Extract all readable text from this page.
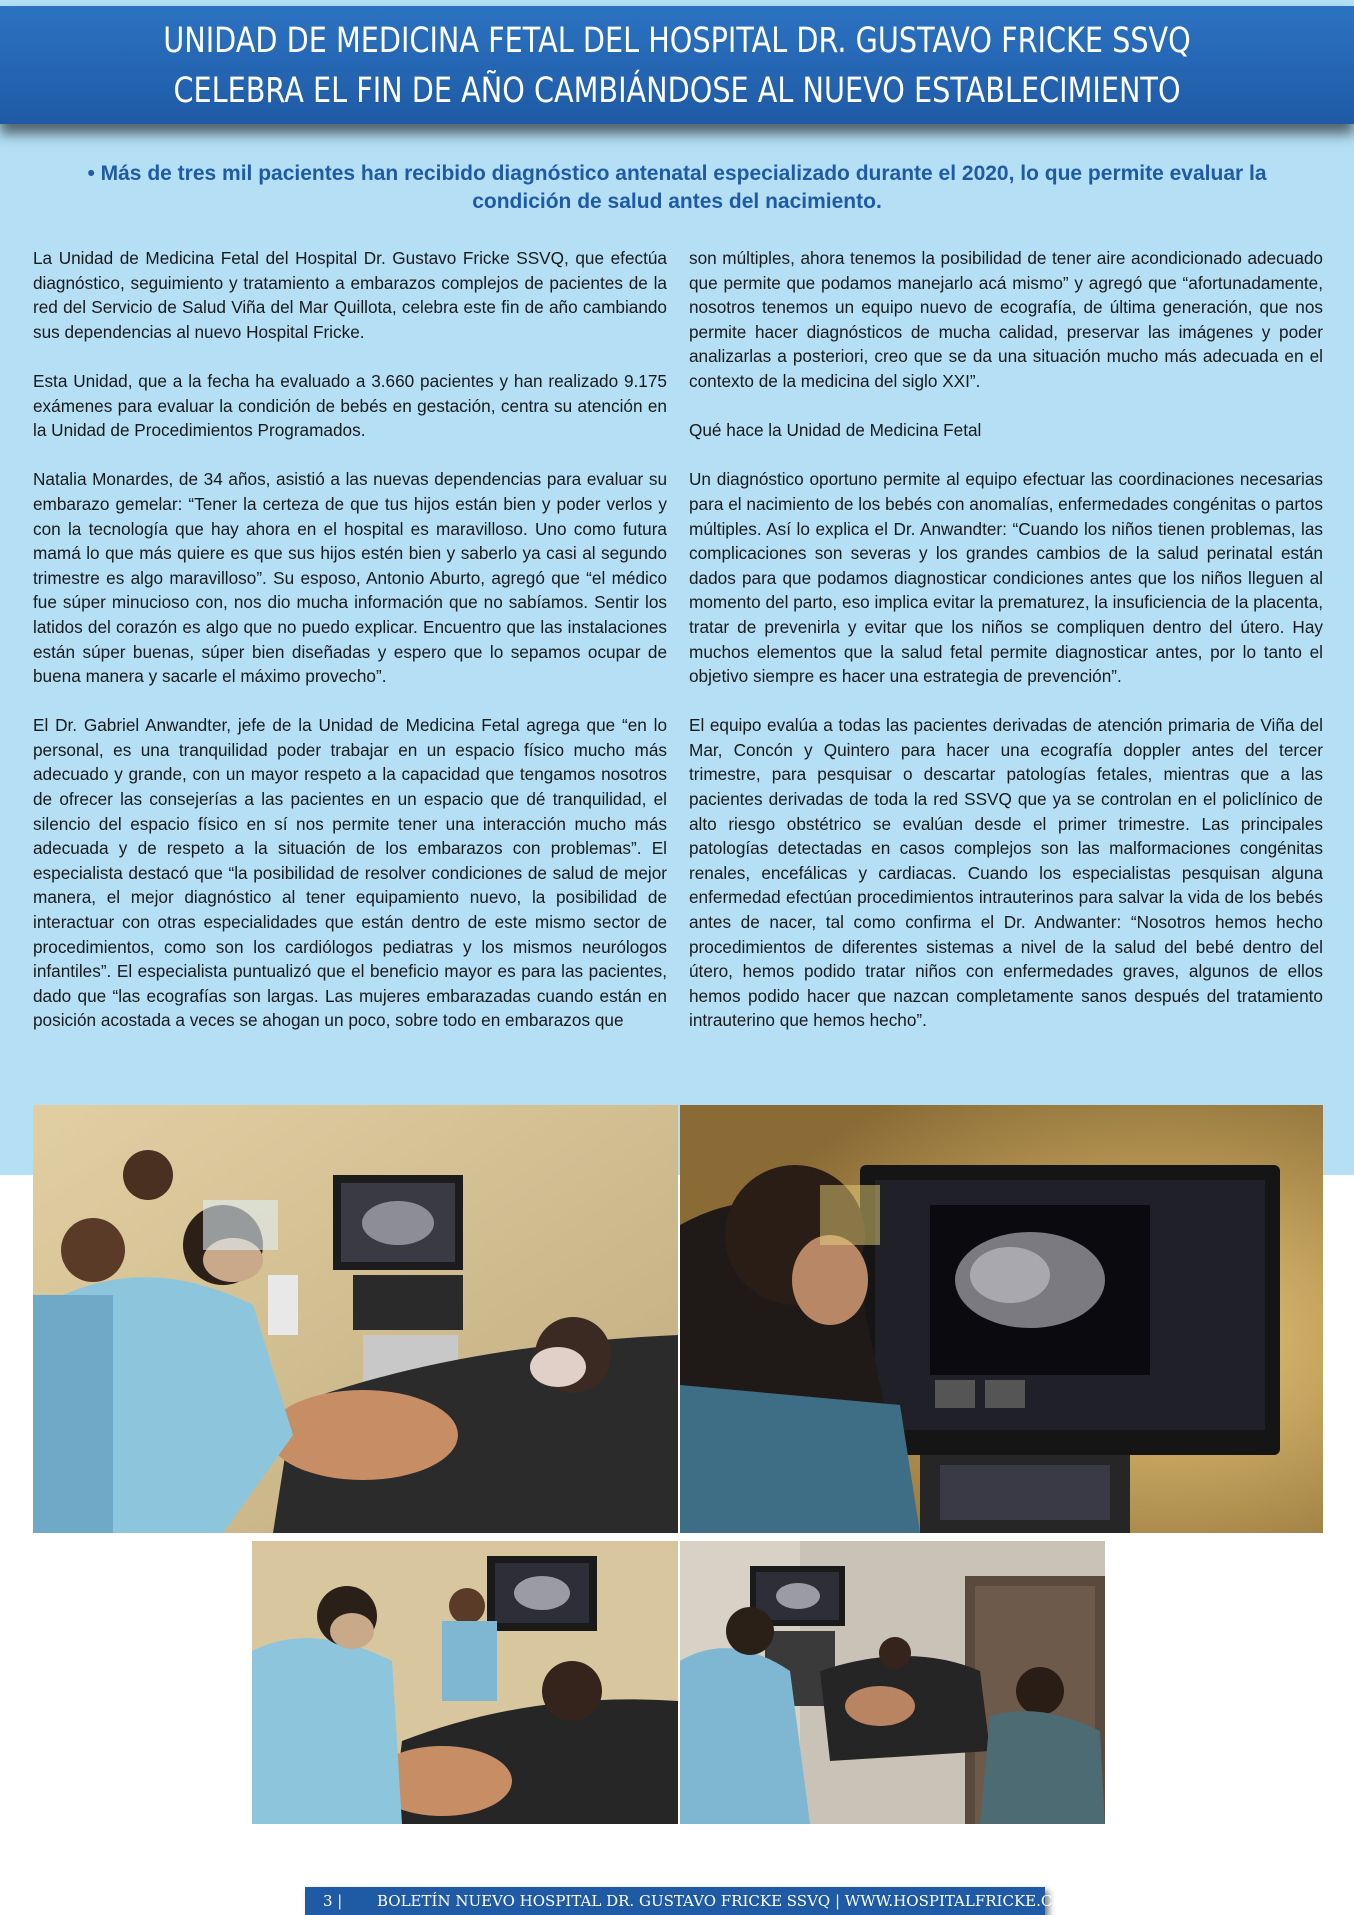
UNIDAD DE MEDICINA FETAL DEL HOSPITAL DR. GUSTAVO FRICKE SSVQ
CELEBRA EL FIN DE AÑO CAMBIÁNDOSE AL NUEVO ESTABLECIMIENTO
• Más de tres mil pacientes han recibido diagnóstico antenatal especializado durante el 2020, lo que permite evaluar la condición de salud antes del nacimiento.

La Unidad de Medicina Fetal del Hospital Dr. Gustavo Fricke SSVQ, que efectúa diagnóstico, seguimiento y tratamiento a embarazos complejos de pacientes de la red del Servicio de Salud Viña del Mar Quillota, celebra este fin de año cambiando sus dependencias al nuevo Hospital Fricke.

Esta Unidad, que a la fecha ha evaluado a 3.660 pacientes y han realizado 9.175 exámenes para evaluar la condición de bebés en gestación, centra su atención en la Unidad de Procedimientos Programados.

Natalia Monardes, de 34 años, asistió a las nuevas dependencias para evaluar su embarazo gemelar: “Tener la certeza de que tus hijos están bien y poder verlos y con la tecnología que hay ahora en el hospital es maravilloso. Uno como futura mamá lo que más quiere es que sus hijos estén bien y saberlo ya casi al segundo trimestre es algo maravilloso”. Su esposo, Antonio Aburto, agregó que “el médico fue súper minucioso con, nos dio mucha información que no sabíamos. Sentir los latidos del corazón es algo que no puedo explicar. Encuentro que las instalaciones están súper buenas, súper bien diseñadas y espero que lo sepamos ocupar de buena manera y sacarle el máximo provecho”.

El Dr. Gabriel Anwandter, jefe de la Unidad de Medicina Fetal agrega que “en lo personal, es una tranquilidad poder trabajar en un espacio físico mucho más adecuado y grande, con un mayor respeto a la capacidad que tengamos nosotros de ofrecer las consejerías a las pacientes en un espacio que dé tranquilidad, el silencio del espacio físico en sí nos permite tener una interacción mucho más adecuada y de respeto a la situación de los embarazos con problemas”. El especialista destacó que “la posibilidad de resolver condiciones de salud de mejor manera, el mejor diagnóstico al tener equipamiento nuevo, la posibilidad de interactuar con otras especialidades que están dentro de este mismo sector de procedimientos, como son los cardiólogos pediatras y los mismos neurólogos infantiles”. El especialista puntualizó que el beneficio mayor es para las pacientes, dado que “las ecografías son largas. Las mujeres embarazadas cuando están en posición acostada a veces se ahogan un poco, sobre todo en embarazos que

son múltiples, ahora tenemos la posibilidad de tener aire acondicionado adecuado que permite que podamos manejarlo acá mismo” y agregó que “afortunadamente, nosotros tenemos un equipo nuevo de ecografía, de última generación, que nos permite hacer diagnósticos de mucha calidad, preservar las imágenes y poder analizarlas a posteriori, creo que se da una situación mucho más adecuada en el contexto de la medicina del siglo XXI”.

Qué hace la Unidad de Medicina Fetal

Un diagnóstico oportuno permite al equipo efectuar las coordinaciones necesarias para el nacimiento de los bebés con anomalías, enfermedades congénitas o partos múltiples. Así lo explica el Dr. Anwandter: “Cuando los niños tienen problemas, las complicaciones son severas y los grandes cambios de la salud perinatal están dados para que podamos diagnosticar condiciones antes que los niños lleguen al momento del parto, eso implica evitar la prematurez, la insuficiencia de la placenta, tratar de prevenirla y evitar que los niños se compliquen dentro del útero. Hay muchos elementos que la salud fetal permite diagnosticar antes, por lo tanto el objetivo siempre es hacer una estrategia de prevención”.

El equipo evalúa a todas las pacientes derivadas de atención primaria de Viña del Mar, Concón y Quintero para hacer una ecografía doppler antes del tercer trimestre, para pesquisar o descartar patologías fetales, mientras que a las pacientes derivadas de toda la red SSVQ que ya se controlan en el policlínico de alto riesgo obstétrico se evalúan desde el primer trimestre. Las principales patologías detectadas en casos complejos son las malformaciones congénitas renales, encefálicas y cardiacas. Cuando los especialistas pesquisan alguna enfermedad efectúan procedimientos intrauterinos para salvar la vida de los bebés antes de nacer, tal como confirma el Dr. Andwanter: “Nosotros hemos hecho procedimientos de diferentes sistemas a nivel de la salud del bebé dentro del útero, hemos podido tratar niños con enfermedades graves, algunos de ellos hemos podido hacer que nazcan completamente sanos después del tratamiento intrauterino que hemos hecho”.

3 | BOLETÍN NUEVO HOSPITAL DR. GUSTAVO FRICKE SSVQ | WWW.HOSPITALFRICKE.CL
